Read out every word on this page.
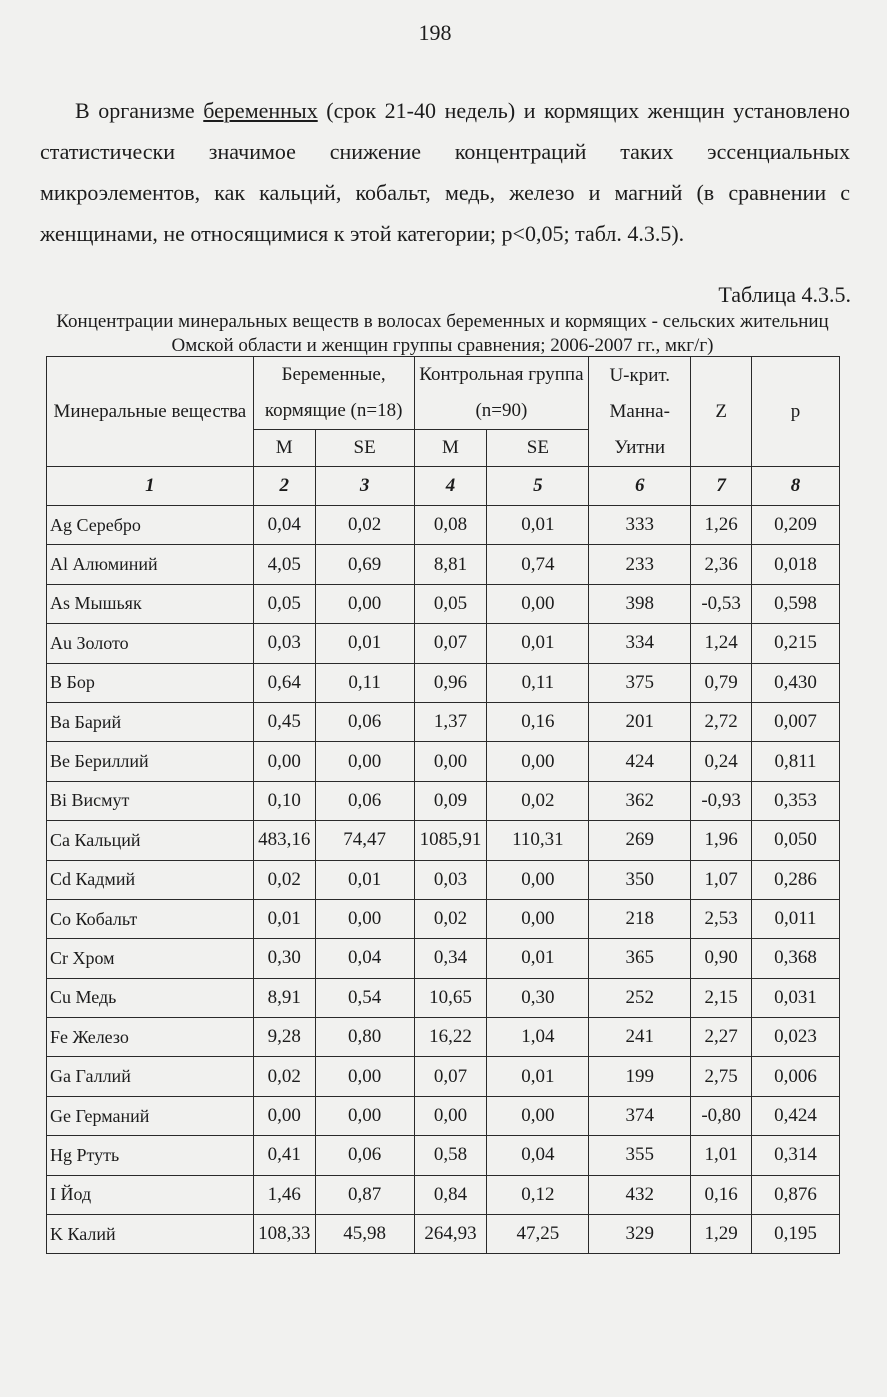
198

В организме беременных (срок 21-40 недель) и кормящих женщин установлено статистически значимое снижение концентраций таких эссенциальных микроэлементов, как кальций, кобальт, медь, железо и магний (в сравнении с женщинами, не относящимися к этой категории; р<0,05; табл. 4.3.5).

Таблица 4.3.5.
Концентрации минеральных веществ в волосах беременных и кормящих - сельских жительниц Омской области и женщин группы сравнения; 2006-2007 гг., мкг/г)
Минеральные вещества	Беременные, кормящие (n=18)		Контрольная группа (n=90)		U-крит. Манна-Уитни	Z	p
	M	SE	M	SE			
1	2	3	4	5	6	7	8
Ag Серебро	0,04	0,02	0,08	0,01	333	1,26	0,209
Al Алюминий	4,05	0,69	8,81	0,74	233	2,36	0,018
As Мышьяк	0,05	0,00	0,05	0,00	398	-0,53	0,598
Au Золото	0,03	0,01	0,07	0,01	334	1,24	0,215
B Бор	0,64	0,11	0,96	0,11	375	0,79	0,430
Ba Барий	0,45	0,06	1,37	0,16	201	2,72	0,007
Be Бериллий	0,00	0,00	0,00	0,00	424	0,24	0,811
Bi Висмут	0,10	0,06	0,09	0,02	362	-0,93	0,353
Ca Кальций	483,16	74,47	1085,91	110,31	269	1,96	0,050
Cd Кадмий	0,02	0,01	0,03	0,00	350	1,07	0,286
Co Кобальт	0,01	0,00	0,02	0,00	218	2,53	0,011
Cr Хром	0,30	0,04	0,34	0,01	365	0,90	0,368
Cu Медь	8,91	0,54	10,65	0,30	252	2,15	0,031
Fe Железо	9,28	0,80	16,22	1,04	241	2,27	0,023
Ga Галлий	0,02	0,00	0,07	0,01	199	2,75	0,006
Ge Германий	0,00	0,00	0,00	0,00	374	-0,80	0,424
Hg Ртуть	0,41	0,06	0,58	0,04	355	1,01	0,314
I Йод	1,46	0,87	0,84	0,12	432	0,16	0,876
K Калий	108,33	45,98	264,93	47,25	329	1,29	0,195
